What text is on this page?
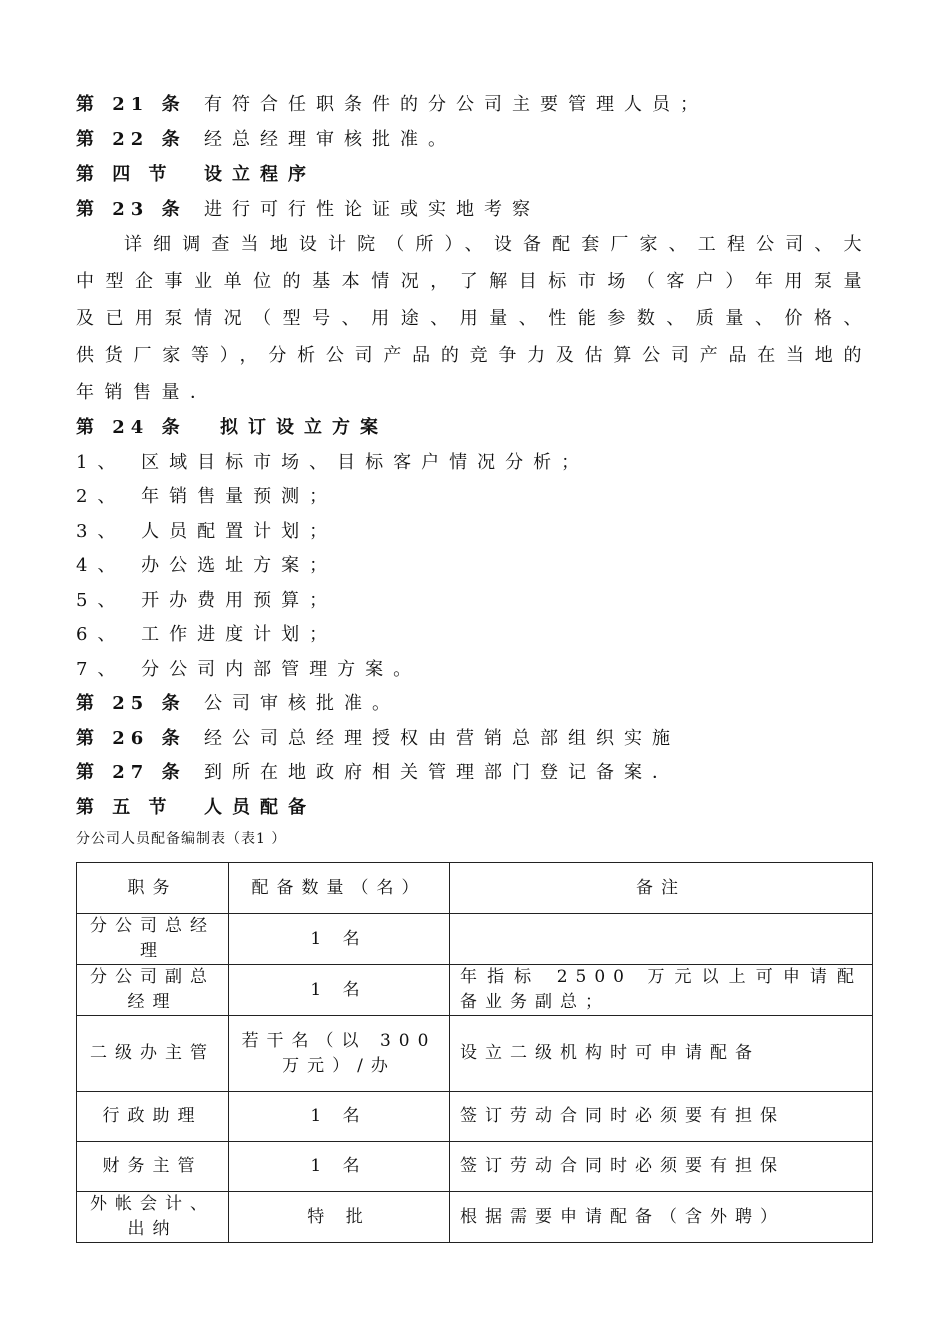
第 21 条 有符合任职条件的分公司主要管理人员；
第 22 条 经总经理审核批准。
第 四 节 设立程序
第 23 条 进行可行性论证或实地考察
详细调查当地设计院（所）、设备配套厂家、工程公司、大中型企事业单位的基本情况，了解目标市场（客户）年用泵量及已用泵情况（型号、用途、用量、性能参数、质量、价格、供货厂家等），分析公司产品的竞争力及估算公司产品在当地的年销售量．
第 24 条 拟订设立方案
1、 区域目标市场、目标客户情况分析；
2、 年销售量预测；
3、 人员配置计划；
4、 办公选址方案；
5、 开办费用预算；
6、 工作进度计划；
7、 分公司内部管理方案。
第 25 条 公司审核批准。
第 26 条 经公司总经理授权由营销总部组织实施
第 27 条 到所在地政府相关管理部门登记备案．
第 五 节 人员配备
分公司人员配备编制表（表1 ）
职务	配备数量（名）	备注
分公司总经理	1 名	
分公司副总经理	1 名	年指标 2500 万元以上可申请配备业务副总；
二级办主管	若干名（以 300万元）/办	设立二级机构时可申请配备
行政助理	1 名	签订劳动合同时必须要有担保
财务主管	1 名	签订劳动合同时必须要有担保
外帐会计、出纳	特 批	根据需要申请配备（含外聘）
